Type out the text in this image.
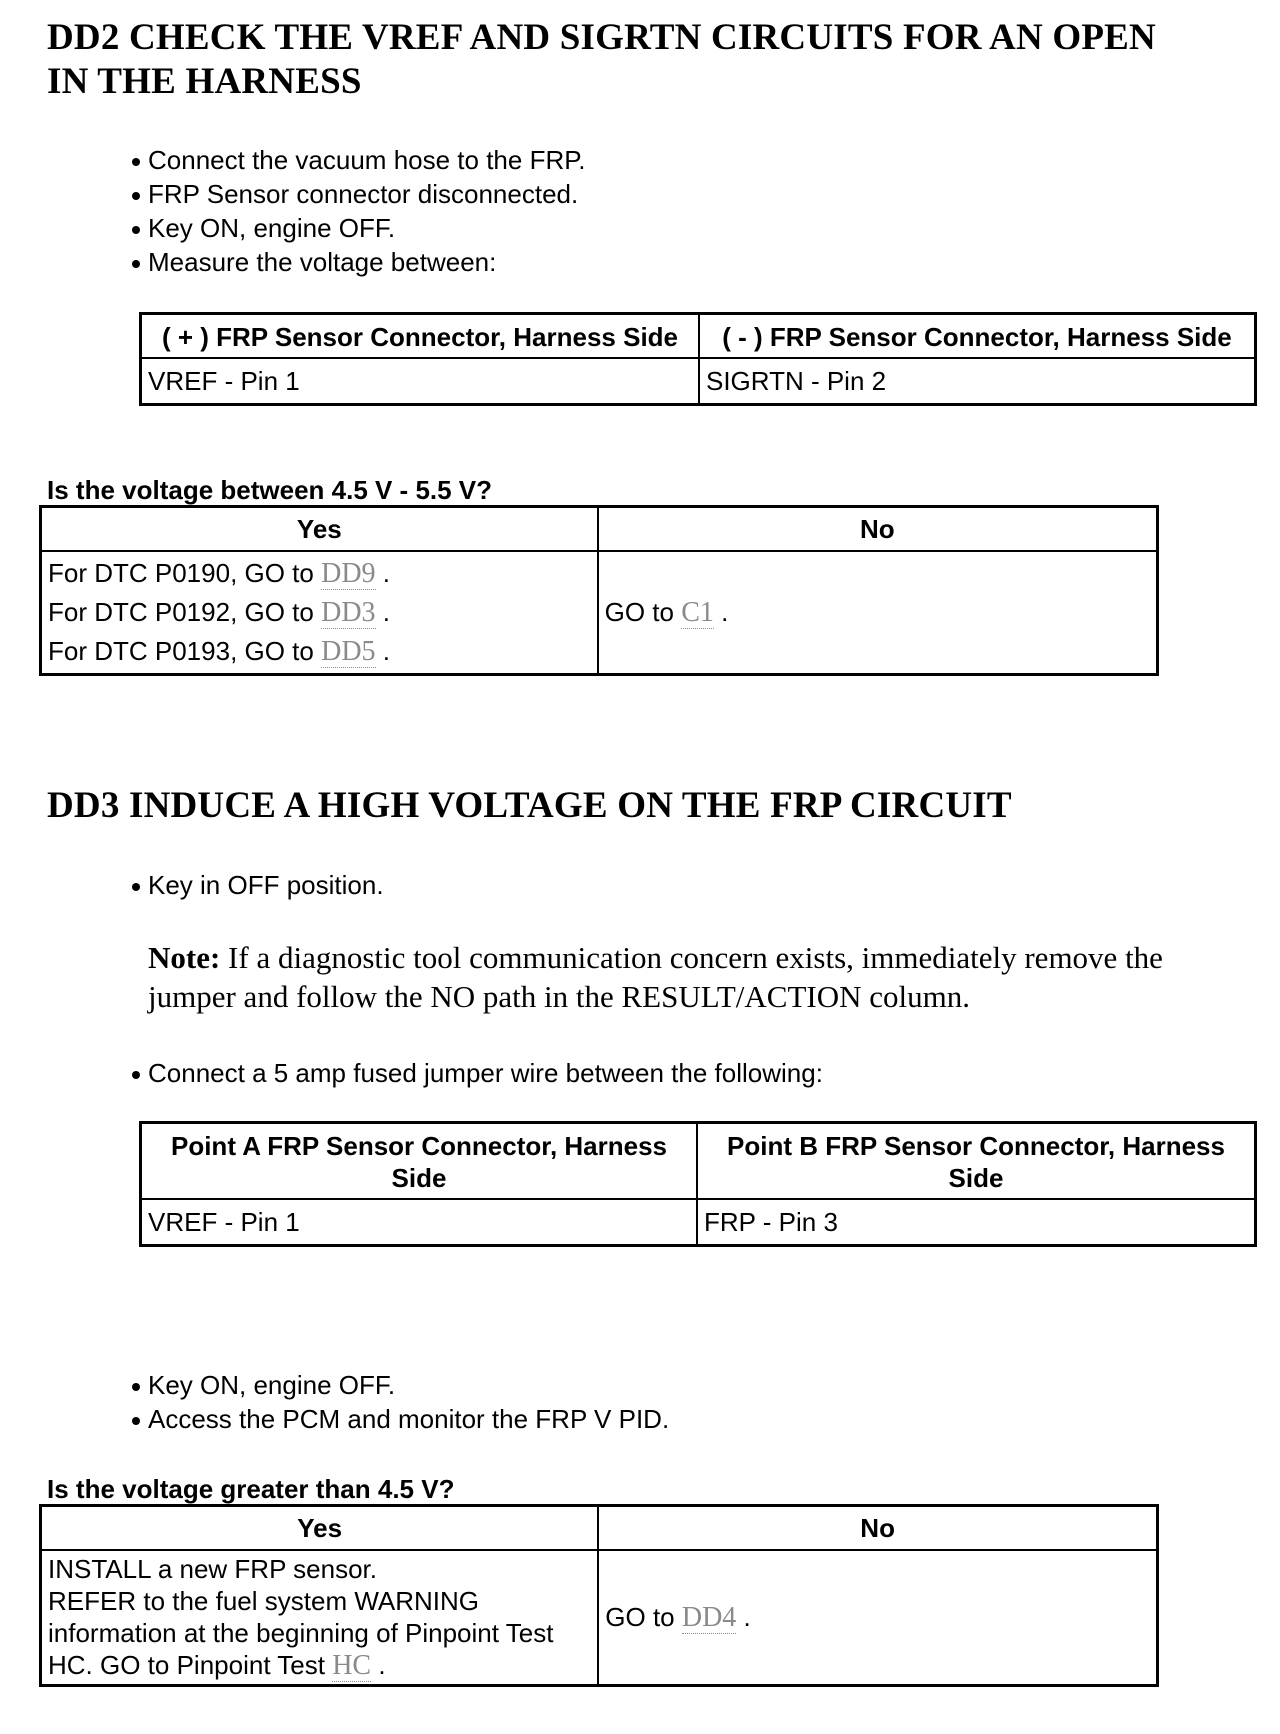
DD2 CHECK THE VREF AND SIGRTN CIRCUITS FOR AN OPEN
IN THE HARNESS
Connect the vacuum hose to the FRP.
FRP Sensor connector disconnected.
Key ON, engine OFF.
Measure the voltage between:
( + ) FRP Sensor Connector, Harness Side	( - ) FRP Sensor Connector, Harness Side
VREF - Pin 1	SIGRTN - Pin 2

Is the voltage between 4.5 V - 5.5 V?

Yes	No

For DTC P0190, GO to DD9 .
For DTC P0192, GO to DD3 .
For DTC P0193, GO to DD5 .	GO to C1 .
DD3 INDUCE A HIGH VOLTAGE ON THE FRP CIRCUIT
Key in OFF position.

Note: If a diagnostic tool communication concern exists, immediately remove the jumper and follow the NO path in the RESULT/ACTION column.

Connect a 5 amp fused jumper wire between the following:
Point A FRP Sensor Connector, Harness Side	Point B FRP Sensor Connector, Harness Side
VREF - Pin 1	FRP - Pin 3
Key ON, engine OFF.
Access the PCM and monitor the FRP V PID.

Is the voltage greater than 4.5 V?

Yes	No

INSTALL a new FRP sensor.
REFER to the fuel system WARNING
information at the beginning of Pinpoint Test
HC. GO to Pinpoint Test HC .	GO to DD4 .
